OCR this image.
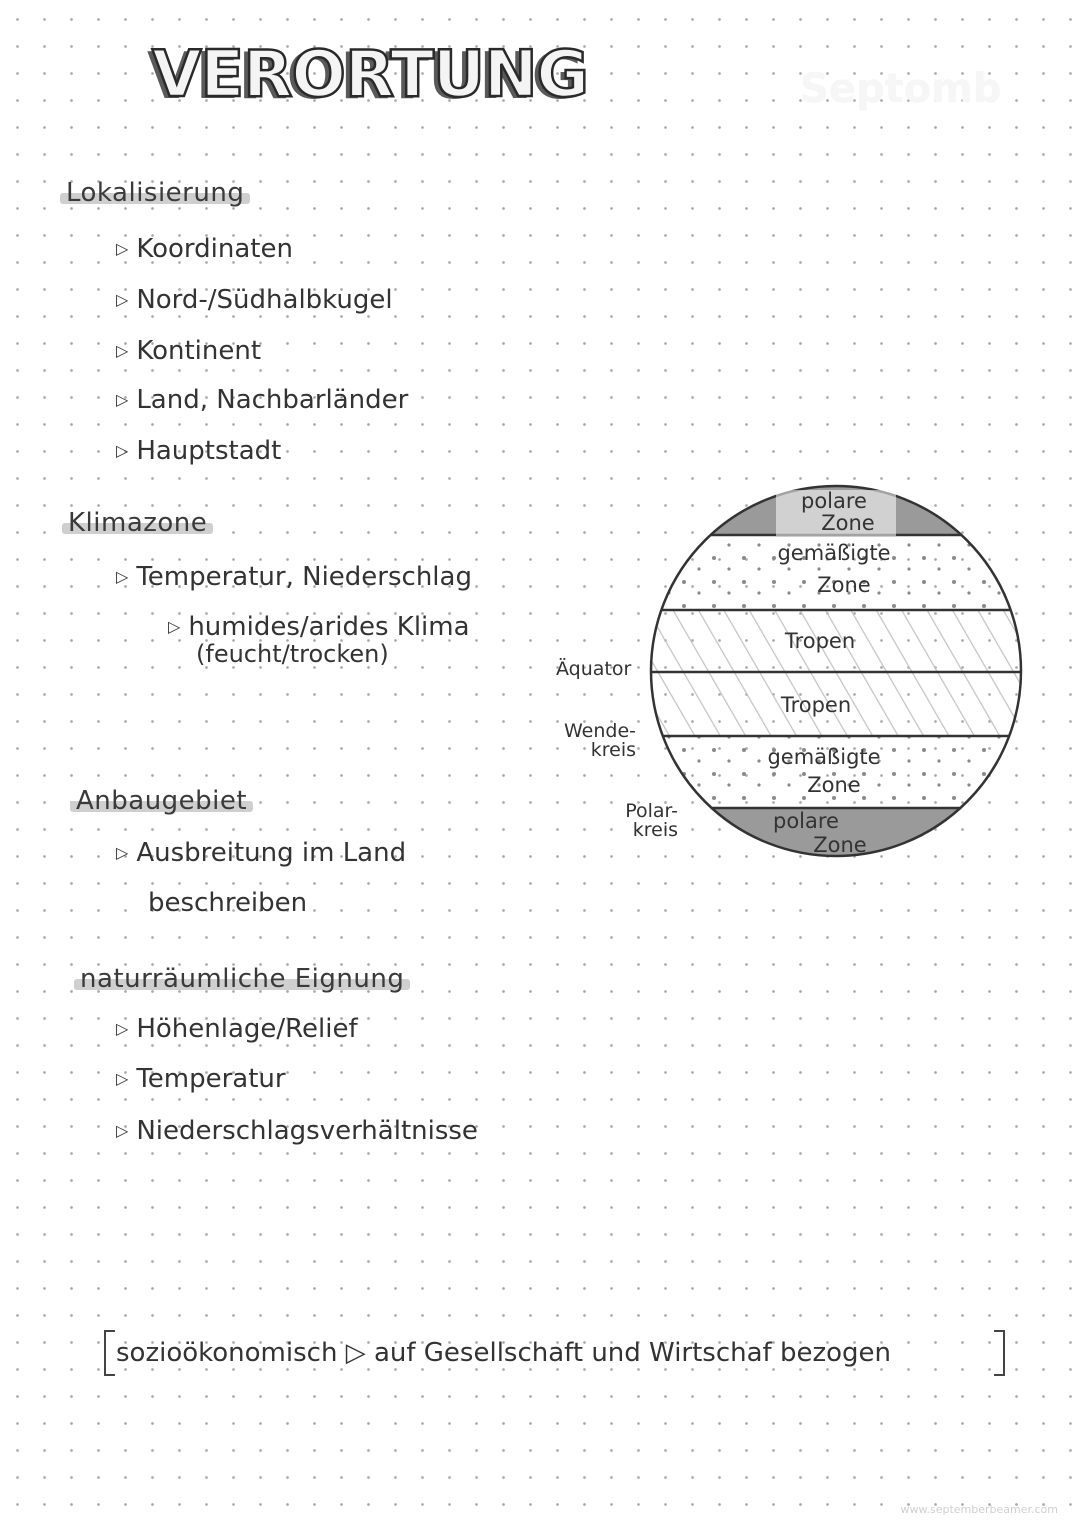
VERORTUNG	Septomb
Lokalisierung
▷ Koordinaten
▷ Nord-/Südhalbkugel
▷ Kontinent
▷ Land, Nachbarländer
▷ Hauptstadt
Klimazone
▷ Temperatur, Niederschlag
▷ humides/arides Klima
(feucht/trocken)
Anbaugebiet
▷ Ausbreitung im Land
beschreiben
naturräumliche Eignung
▷ Höhenlage/Relief
▷ Temperatur
▷ Niederschlagsverhältnisse
Äquator
Wende-
kreis
Polar-
kreis
polare
Zone
gemäßigte
Zone
Tropen
Tropen
gemäßigte
Zone
polare
Zone
sozioökonomisch ▷ auf Gesellschaft und Wirtschaf bezogen
www.septemberbeamer.com
